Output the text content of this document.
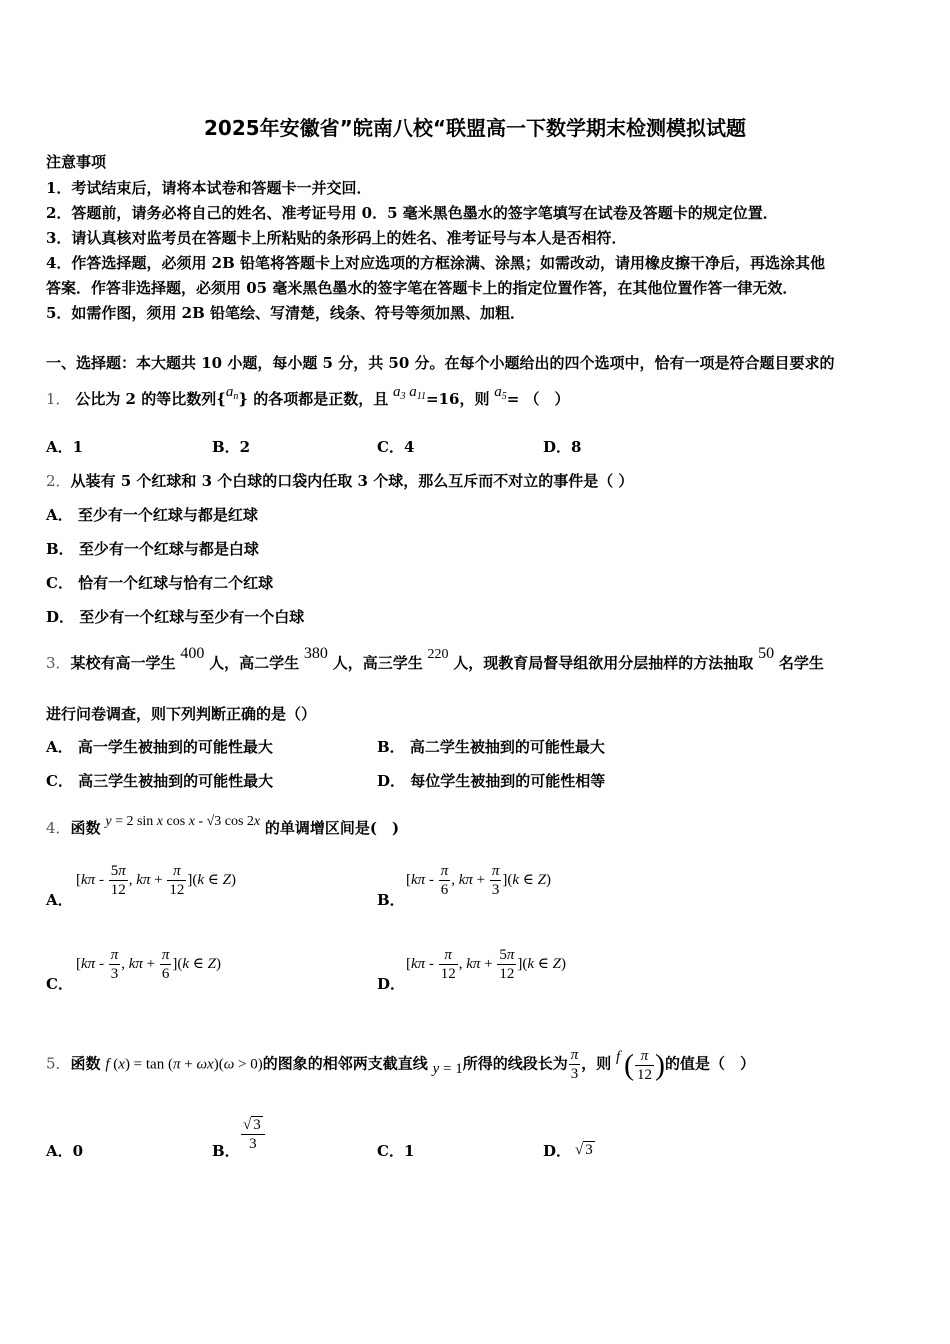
2025年安徽省”皖南八校“联盟高一下数学期末检测模拟试题
注意事项
1．考试结束后，请将本试卷和答题卡一并交回．
2．答题前，请务必将自己的姓名、准考证号用 0．5 毫米黑色墨水的签字笔填写在试卷及答题卡的规定位置．
3．请认真核对监考员在答题卡上所粘贴的条形码上的姓名、准考证号与本人是否相符．
4．作答选择题，必须用 2B 铅笔将答题卡上对应选项的方框涂满、涂黑；如需改动，请用橡皮擦干净后，再选涂其他
答案．作答非选择题，必须用 05 毫米黑色墨水的签字笔在答题卡上的指定位置作答，在其他位置作答一律无效．
5．如需作图，须用 2B 铅笔绘、写清楚，线条、符号等须加黑、加粗．
一、选择题：本大题共 10 小题，每小题 5 分，共 50 分。在每个小题给出的四个选项中，恰有一项是符合题目要求的
1． 公比为 2 的等比数列$\{a_n\}$ 的各项都是正数，且 $a_3$ $a_{11}=16$，则 $a_5=$ （　）
A．1	B．2	C．4	D．8
2．从装有 5 个红球和 3 个白球的口袋内任取 3 个球，那么互斥而不对立的事件是（ ）
A． 至少有一个红球与都是红球
B． 至少有一个红球与都是白球
C． 恰有一个红球与恰有二个红球
D． 至少有一个红球与至少有一个白球
3．某校有高一学生 400 人，高二学生 380 人，高三学生 220 人，现教育局督导组欲用分层抽样的方法抽取 50 名学生
进行问卷调查，则下列判断正确的是（）
A． 高一学生被抽到的可能性最大	B． 高二学生被抽到的可能性最大
C． 高三学生被抽到的可能性最大	D． 每位学生被抽到的可能性相等
4．函数 y = 2 sin x cos x - √3 cos 2x 的单调增区间是(　)
A．
[$k\pi - \frac{5\pi}{12}$ , $k\pi + \frac{\pi}{12} ](k$ ∈ Z)
B．
[$k\pi - \frac{\pi}{6}$ , $k\pi + \frac{\pi}{3} ](k$ ∈ Z)
C．
[$k\pi - \frac{\pi}{3}$ , $k\pi + \frac{\pi}{6} ](k$ ∈ Z)
D．
[$k\pi - \frac{\pi}{12}$ , $k\pi + \frac{5\pi}{12} ](k$ ∈ Z)
5．函数 f (x) = tan (π + ωx)(ω > 0)的图象的相邻两支截直线 y = 1所得的线段长为 $\frac{\pi}{3}$ ，则 f ( $\frac{\pi}{12}$ )的值是（　）
A．0	B． $\frac{√ 3}{3}$	C．1	D． √ 3
